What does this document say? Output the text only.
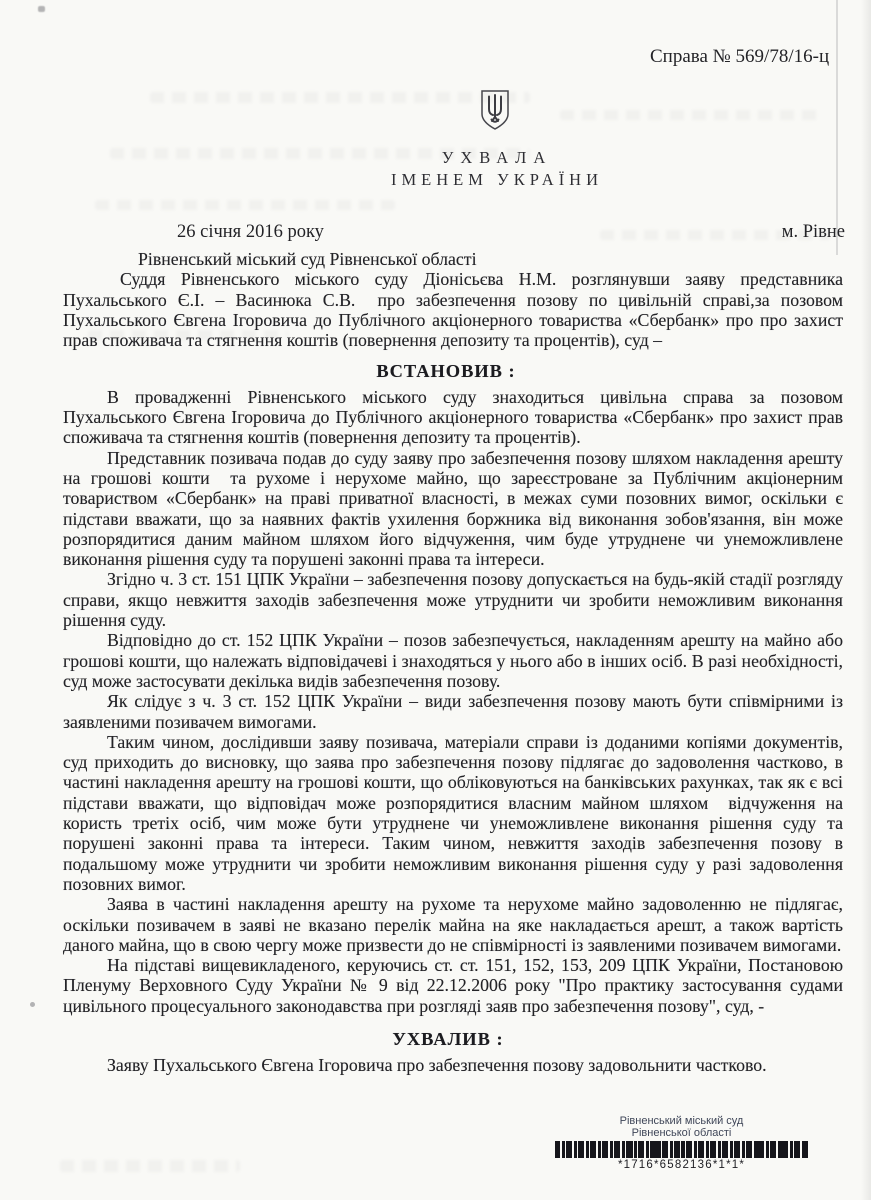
Справа № 569/78/16-ц
УХВАЛА
ІМЕНЕМ УКРАЇНИ
26 січня 2016 року	м. Рівне

Рівненський міський суд Рівненської області

Суддя Рівненського міського суду Діонісьєва Н.М. розглянувши заяву представника Пухальського Є.І. – Васинюка С.В.  про забезпечення позову по цивільній справі,за позовом Пухальського Євгена Ігоровича до Публічного акціонерного товариства «Сбербанк» про про захист прав споживача та стягнення коштів (повернення депозиту та процентів), суд –

ВСТАНОВИВ :

В провадженні Рівненського міського суду знаходиться цивільна справа за позовом Пухальського Євгена Ігоровича до Публічного акціонерного товариства «Сбербанк» про захист прав споживача та стягнення коштів (повернення депозиту та процентів).

Представник позивача подав до суду заяву про забезпечення позову шляхом накладення арешту на грошові кошти  та рухоме і нерухоме майно, що зареєстроване за Публічним акціонерним товариством «Сбербанк» на праві приватної власності, в межах суми позовних вимог, оскільки є підстави вважати, що за наявних фактів ухилення боржника від виконання зобов'язання, він може розпорядитися даним майном шляхом його відчуження, чим буде утруднене чи унеможливлене виконання рішення суду та порушені законні права та інтереси.

Згідно ч. 3 ст. 151 ЦПК України – забезпечення позову допускається на будь-якій стадії розгляду справи, якщо невжиття заходів забезпечення може утруднити чи зробити неможливим виконання рішення суду.

Відповідно до ст. 152 ЦПК України – позов забезпечується, накладенням арешту на майно або грошові кошти, що належать відповідачеві і знаходяться у нього або в інших осіб. В разі необхідності, суд може застосувати декілька видів забезпечення позову.

Як слідує з ч. 3 ст. 152 ЦПК України – види забезпечення позову мають бути співмірними із заявленими позивачем вимогами.

Таким чином, дослідивши заяву позивача, матеріали справи із доданими копіями документів, суд приходить до висновку, що заява про забезпечення позову підлягає до задоволення частково, в частині накладення арешту на грошові кошти, що обліковуються на банківських рахунках, так як є всі підстави вважати, що відповідач може розпорядитися власним майном шляхом  відчуження на користь третіх осіб, чим може бути утруднене чи унеможливлене виконання рішення суду та порушені законні права та інтереси. Таким чином, невжиття заходів забезпечення позову в подальшому може утруднити чи зробити неможливим виконання рішення суду у разі задоволення позовних вимог.

Заява в частині накладення арешту на рухоме та нерухоме майно задоволенню не підлягає, оскільки позивачем в заяві не вказано перелік майна на яке накладається арешт, а також вартість даного майна, що в свою чергу може призвести до не співмірності із заявленими позивачем вимогами.

На підставі вищевикладеного, керуючись ст. ст. 151, 152, 153, 209 ЦПК України, Постановою Пленуму Верховного Суду України № 9 від 22.12.2006 року "Про практику застосування судами цивільного процесуального законодавства при розгляді заяв про забезпечення позову", суд, -

УХВАЛИВ :

Заяву Пухальського Євгена Ігоровича про забезпечення позову задовольнити частково.

Рівненський міський суд
Рівненської області
*1716*6582136*1*1*
